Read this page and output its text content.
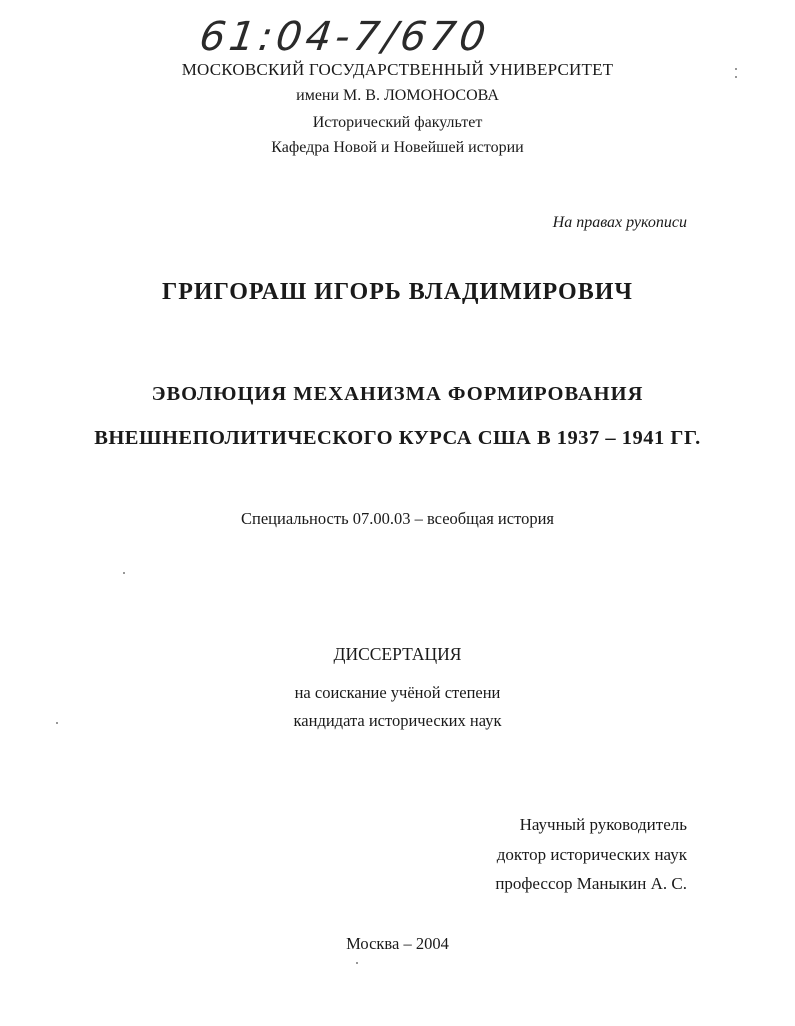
61:04-7/670
МОСКОВСКИЙ ГОСУДАРСТВЕННЫЙ УНИВЕРСИТЕТ
имени М. В. ЛОМОНОСОВА
Исторический факультет
Кафедра Новой и Новейшей истории
На правах рукописи
ГРИГОРАШ ИГОРЬ ВЛАДИМИРОВИЧ
ЭВОЛЮЦИЯ МЕХАНИЗМА ФОРМИРОВАНИЯ
ВНЕШНЕПОЛИТИЧЕСКОГО КУРСА США В 1937 – 1941 ГГ.
Специальность 07.00.03 – всеобщая история
ДИССЕРТАЦИЯ
на соискание учёной степени
кандидата исторических наук
Научный руководитель
доктор исторических наук
профессор Маныкин А. С.
Москва – 2004
